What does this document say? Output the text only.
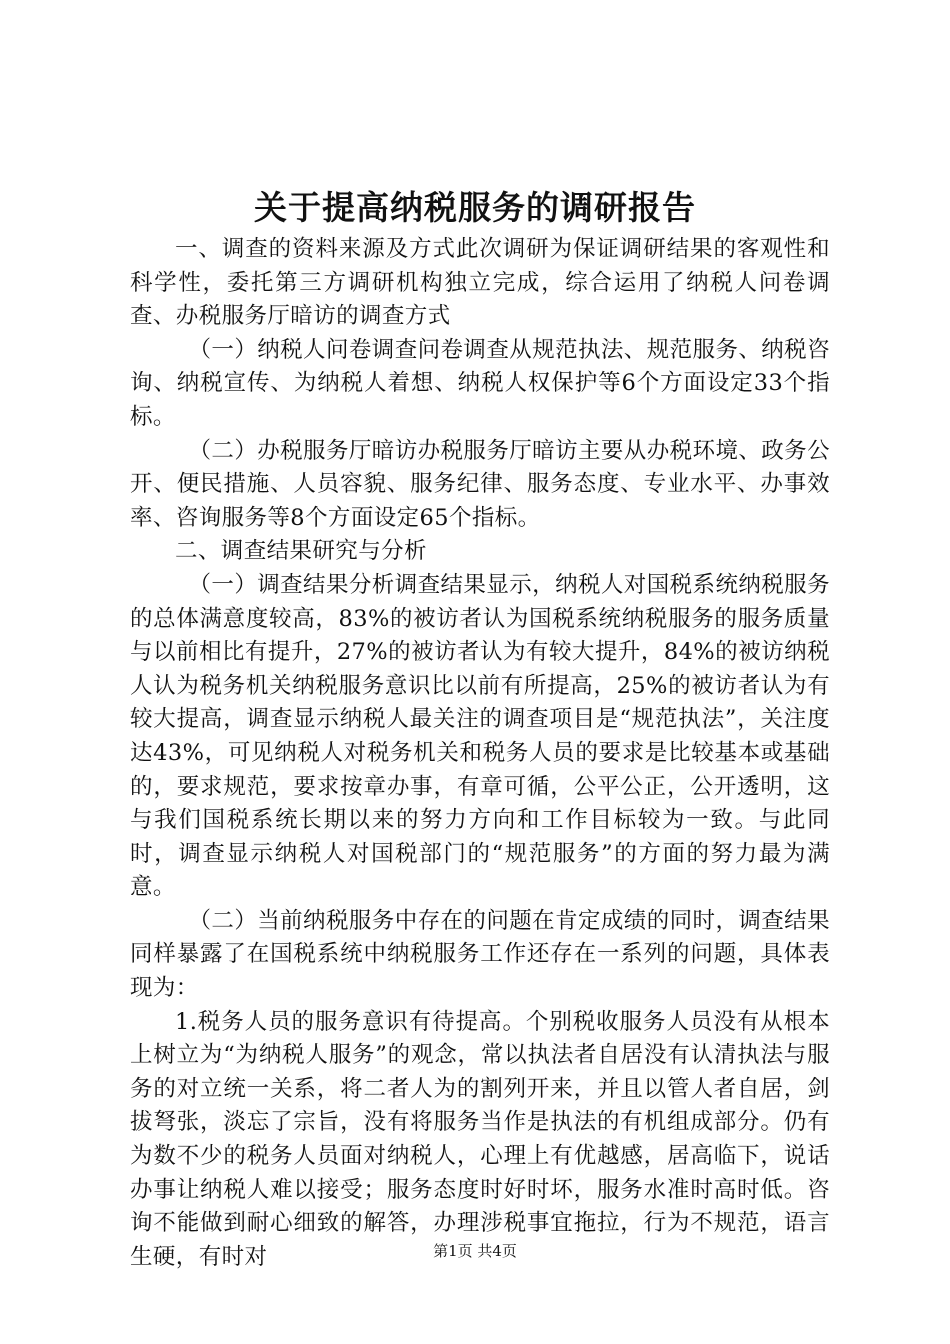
关于提高纳税服务的调研报告

一、调查的资料来源及方式此次调研为保证调研结果的客观性和科学性，委托第三方调研机构独立完成，综合运用了纳税人问卷调查、办税服务厅暗访的调查方式

（一）纳税人问卷调查问卷调查从规范执法、规范服务、纳税咨询、纳税宣传、为纳税人着想、纳税人权保护等6个方面设定33个指标。

（二）办税服务厅暗访办税服务厅暗访主要从办税环境、政务公开、便民措施、人员容貌、服务纪律、服务态度、专业水平、办事效率、咨询服务等8个方面设定65个指标。

二、调查结果研究与分析

（一）调查结果分析调查结果显示，纳税人对国税系统纳税服务的总体满意度较高，83%的被访者认为国税系统纳税服务的服务质量与以前相比有提升，27%的被访者认为有较大提升，84%的被访纳税人认为税务机关纳税服务意识比以前有所提高，25%的被访者认为有较大提高，调查显示纳税人最关注的调查项目是“规范执法”，关注度达43%，可见纳税人对税务机关和税务人员的要求是比较基本或基础的，要求规范，要求按章办事，有章可循，公平公正，公开透明，这与我们国税系统长期以来的努力方向和工作目标较为一致。与此同时，调查显示纳税人对国税部门的“规范服务”的方面的努力最为满意。

（二）当前纳税服务中存在的问题在肯定成绩的同时，调查结果同样暴露了在国税系统中纳税服务工作还存在一系列的问题，具体表现为：

1.税务人员的服务意识有待提高。个别税收服务人员没有从根本上树立为“为纳税人服务”的观念，常以执法者自居没有认清执法与服务的对立统一关系，将二者人为的割列开来，并且以管人者自居，剑拔弩张，淡忘了宗旨，没有将服务当作是执法的有机组成部分。仍有为数不少的税务人员面对纳税人，心理上有优越感，居高临下，说话办事让纳税人难以接受；服务态度时好时坏，服务水准时高时低。咨询不能做到耐心细致的解答，办理涉税事宜拖拉，行为不规范，语言生硬，有时对	第1页 共4页
